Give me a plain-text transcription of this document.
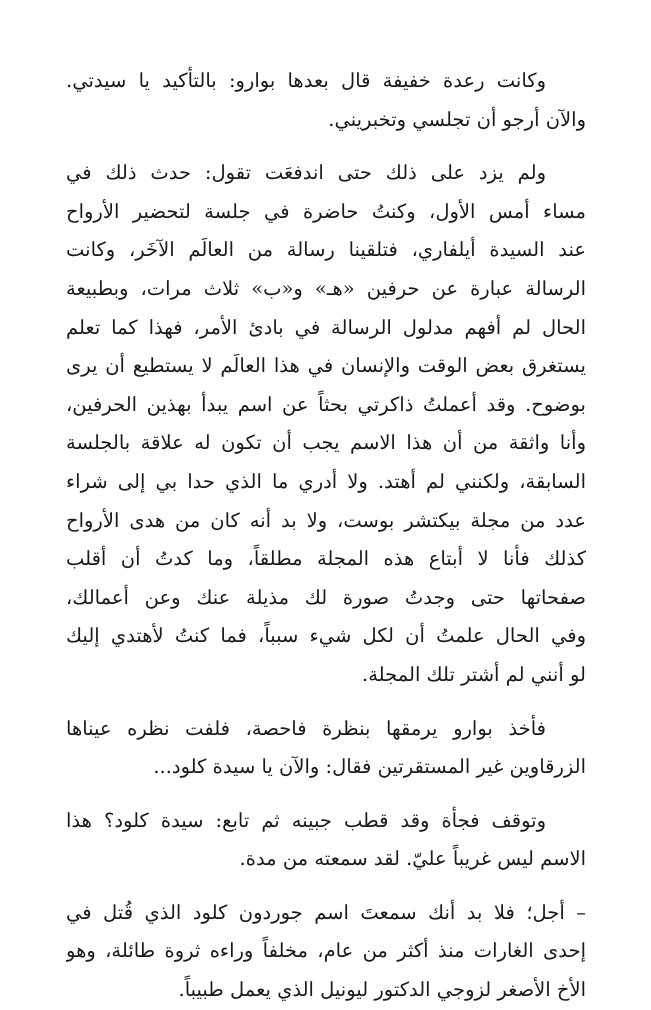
وكانت رعدة خفيفة قال بعدها بوارو: بالتأكيد يا سيدتي.
والآن أرجو أن تجلسي وتخبريني.
ولم يزد على ذلك حتى اندفعَت تقول: حدث ذلك في
مساء أمس الأول، وكنتُ حاضرة في جلسة لتحضير الأرواح
عند السيدة أيلفاري، فتلقينا رسالة من العالَم الآخَر، وكانت
الرسالة عبارة عن حرفين «هـ» و«ب» ثلاث مرات، وبطبيعة
الحال لم أفهم مدلول الرسالة في بادئ الأمر، فهذا كما تعلم
يستغرق بعض الوقت والإنسان في هذا العالَم لا يستطيع أن يرى
بوضوح. وقد أعملتُ ذاكرتي بحثاً عن اسم يبدأ بهذين الحرفين،
وأنا واثقة من أن هذا الاسم يجب أن تكون له علاقة بالجلسة
السابقة، ولكنني لم أهتد. ولا أدري ما الذي حدا بي إلى شراء
عدد من مجلة بيكتشر بوست، ولا بد أنه كان من هدى الأرواح
كذلك فأنا لا أبتاع هذه المجلة مطلقاً، وما كدتُ أن أقلب
صفحاتها حتى وجدتُ صورة لك مذيلة عنك وعن أعمالك،
وفي الحال علمتُ أن لكل شيء سبباً، فما كنتُ لأهتدي إليك
لو أنني لم أشتر تلك المجلة.
فأخذ بوارو يرمقها بنظرة فاحصة، فلفت نظره عيناها
الزرقاوين غير المستقرتين فقال: والآن يا سيدة كلود...
وتوقف فجأة وقد قطب جبينه ثم تابع: سيدة كلود؟ هذا
الاسم ليس غريباً عليّ. لقد سمعته من مدة.
– أجل؛ فلا بد أنك سمعتَ اسم جوردون كلود الذي قُتل في
إحدى الغارات منذ أكثر من عام، مخلفاً وراءه ثروة طائلة، وهو
الأخ الأصغر لزوجي الدكتور ليونيل الذي يعمل طبيباً.
